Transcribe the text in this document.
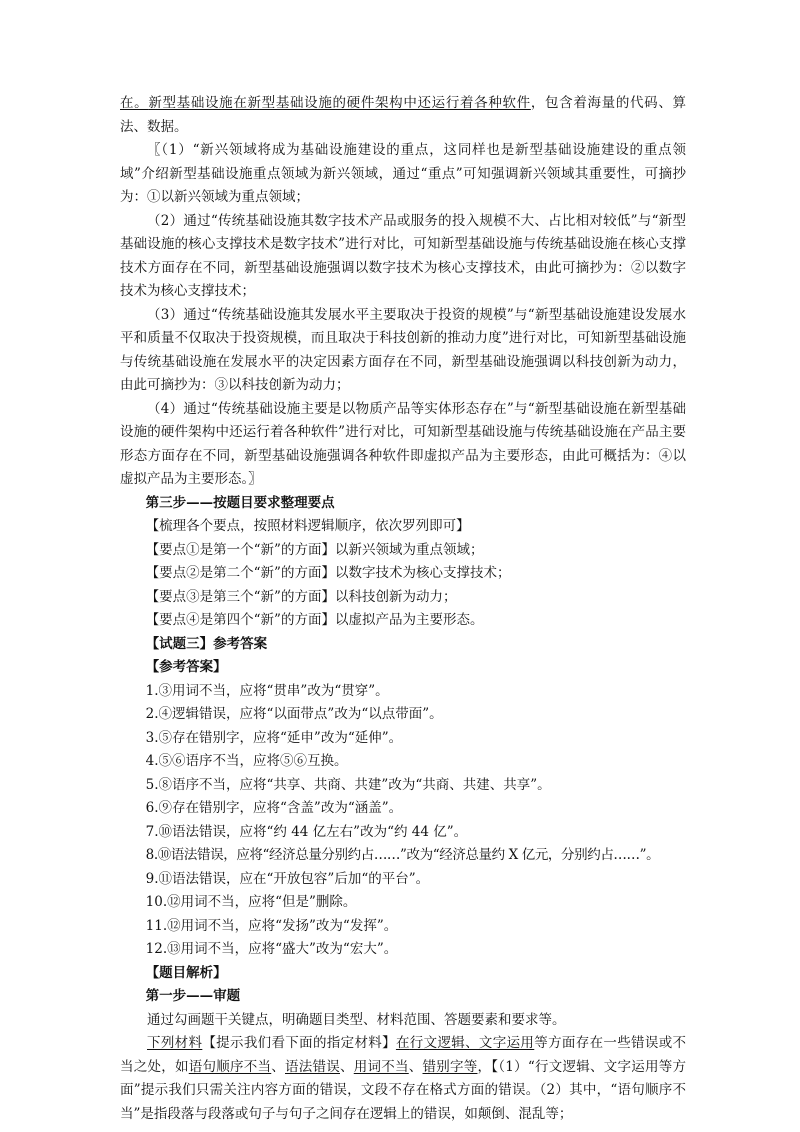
在。新型基础设施在新型基础设施的硬件架构中还运行着各种软件，包含着海量的代码、算法、数据。

〖（1）“新兴领域将成为基础设施建设的重点，这同样也是新型基础设施建设的重点领域”介绍新型基础设施重点领域为新兴领域，通过“重点”可知强调新兴领域其重要性，可摘抄为：①以新兴领域为重点领域；

（2）通过“传统基础设施其数字技术产品或服务的投入规模不大、占比相对较低”与“新型基础设施的核心支撑技术是数字技术”进行对比，可知新型基础设施与传统基础设施在核心支撑技术方面存在不同，新型基础设施强调以数字技术为核心支撑技术，由此可摘抄为：②以数字技术为核心支撑技术；

（3）通过“传统基础设施其发展水平主要取决于投资的规模”与“新型基础设施建设发展水平和质量不仅取决于投资规模，而且取决于科技创新的推动力度”进行对比，可知新型基础设施与传统基础设施在发展水平的决定因素方面存在不同，新型基础设施强调以科技创新为动力，由此可摘抄为：③以科技创新为动力；

（4）通过“传统基础设施主要是以物质产品等实体形态存在”与“新型基础设施在新型基础设施的硬件架构中还运行着各种软件”进行对比，可知新型基础设施与传统基础设施在产品主要形态方面存在不同，新型基础设施强调各种软件即虚拟产品为主要形态，由此可概括为：④以虚拟产品为主要形态。〗

第三步——按题目要求整理要点

【梳理各个要点，按照材料逻辑顺序，依次罗列即可】

【要点①是第一个“新”的方面】以新兴领域为重点领域；

【要点②是第二个“新”的方面】以数字技术为核心支撑技术；

【要点③是第三个“新”的方面】以科技创新为动力；

【要点④是第四个“新”的方面】以虚拟产品为主要形态。

【试题三】参考答案

【参考答案】

1.③用词不当，应将“贯串”改为“贯穿”。

2.④逻辑错误，应将“以面带点”改为“以点带面”。

3.⑤存在错别字，应将“延申”改为“延伸”。

4.⑤⑥语序不当，应将⑤⑥互换。

5.⑧语序不当，应将“共享、共商、共建”改为“共商、共建、共享”。

6.⑨存在错别字，应将“含盖”改为“涵盖”。

7.⑩语法错误，应将“约 44 亿左右”改为“约 44 亿”。

8.⑩语法错误，应将“经济总量分别约占……”改为“经济总量约 X 亿元，分别约占……”。

9.⑪语法错误，应在“开放包容”后加“的平台”。

10.⑫用词不当，应将“但是”删除。

11.⑫用词不当，应将“发扬”改为“发挥”。

12.⑬用词不当，应将“盛大”改为“宏大”。

【题目解析】

第一步——审题

通过勾画题干关键点，明确题目类型、材料范围、答题要素和要求等。

下列材料【提示我们看下面的指定材料】在行文逻辑、文字运用等方面存在一些错误或不当之处，如语句顺序不当、语法错误、用词不当、错别字等，【（1）“行文逻辑、文字运用等方面”提示我们只需关注内容方面的错误，文段不存在格式方面的错误。（2）其中，“语句顺序不当”是指段落与段落或句子与句子之间存在逻辑上的错误，如颠倒、混乱等；
